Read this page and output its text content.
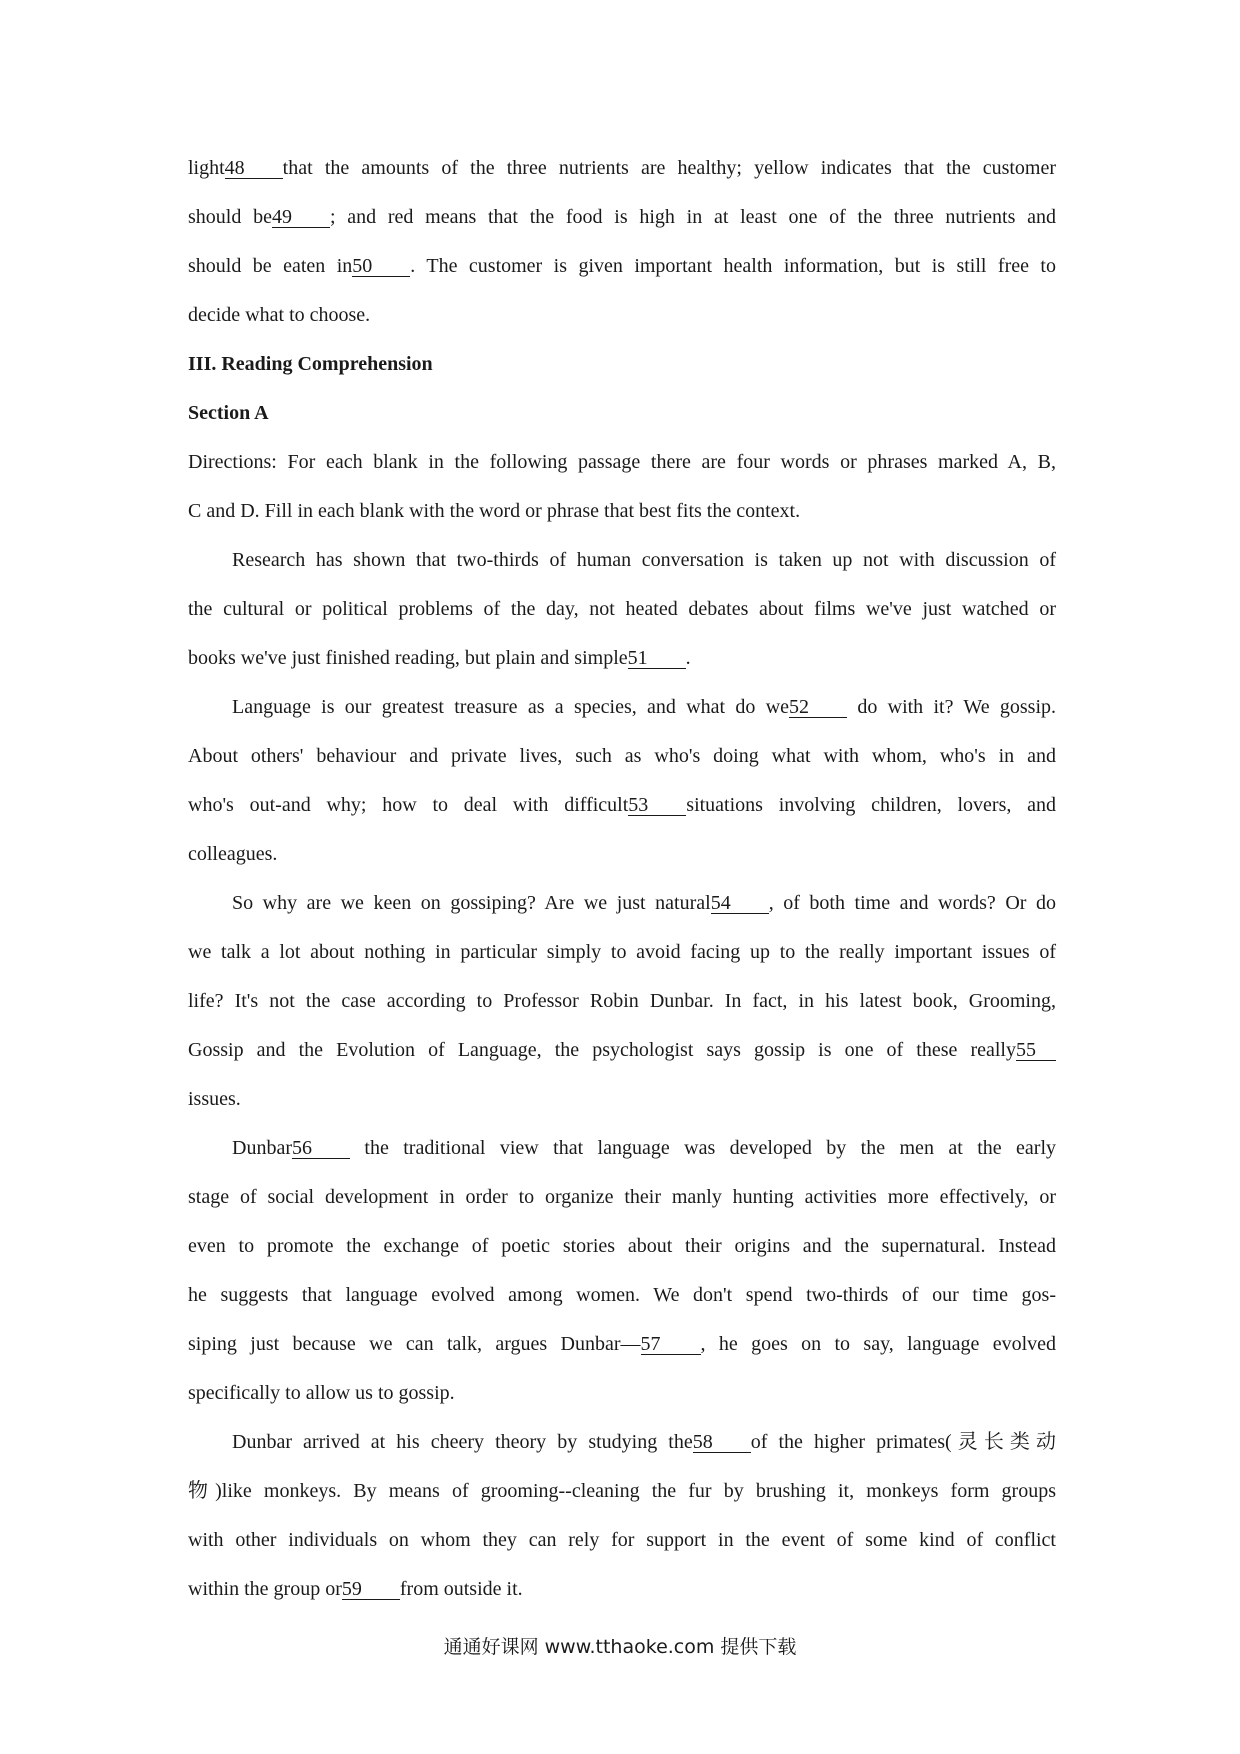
light48 that the amounts of the three nutrients are healthy; yellow indicates that the customer
should be49 ; and red means that the food is high in at least one of the three nutrients and
should be eaten in50 . The customer is given important health information, but is still free to
decide what to choose.
III. Reading Comprehension
Section A
Directions: For each blank in the following passage there are four words or phrases marked A, B,
C and D. Fill in each blank with the word or phrase that best fits the context.
Research has shown that two-thirds of human conversation is taken up not with discussion of
the cultural or political problems of the day, not heated debates about films we've just watched or
books we've just finished reading, but plain and simple51 .
Language is our greatest treasure as a species, and what do we52 do with it? We gossip.
About others' behaviour and private lives, such as who's doing what with whom, who's in and
who's out-and why; how to deal with difficult53 situations involving children, lovers, and
colleagues.
So why are we keen on gossiping? Are we just natural54 , of both time and words? Or do
we talk a lot about nothing in particular simply to avoid facing up to the really important issues of
life? It's not the case according to Professor Robin Dunbar. In fact, in his latest book, Grooming,
Gossip and the Evolution of Language, the psychologist says gossip is one of these really55
issues.
Dunbar56	the traditional view that language was developed by the men at the early
stage of social development in order to organize their manly hunting activities more effectively, or
even to promote the exchange of poetic stories about their origins and the supernatural. Instead
he suggests that language evolved among women. We don't spend two-thirds of our time gos-
siping just because we can talk, argues Dunbar—57 , he goes on to say, language evolved
specifically to allow us to gossip.
Dunbar arrived at his cheery theory by studying the58 of the higher primates(灵长类动
物)like monkeys. By means of grooming--cleaning the fur by brushing it, monkeys form groups
with other individuals on whom they can rely for support in the event of some kind of conflict
within the group or59 from outside it.
通通好课网 www.tthaoke.com 提供下载
